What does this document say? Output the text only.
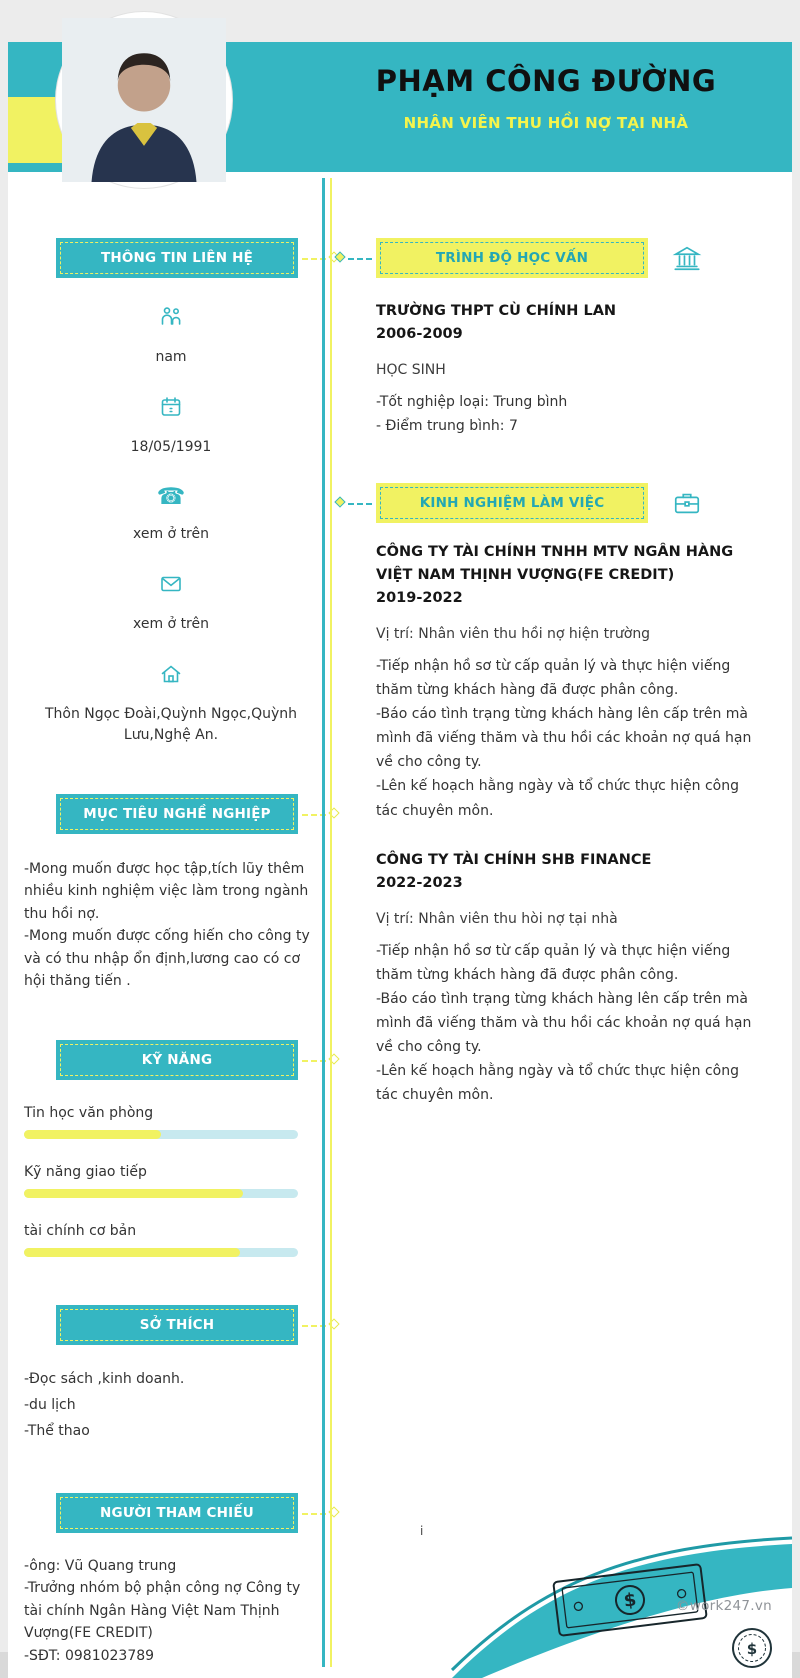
PHẠM CÔNG ĐƯỜNG
NHÂN VIÊN THU HỒI NỢ TẠI NHÀ
THÔNG TIN LIÊN HỆ
nam
18/05/1991
☎
xem ở trên
xem ở trên
Thôn Ngọc Đoài,Quỳnh Ngọc,Quỳnh Lưu,Nghệ An.
MỤC TIÊU NGHỀ NGHIỆP
-Mong muốn được học tập,tích lũy thêm nhiều kinh nghiệm việc làm trong ngành thu hồi nợ.
-Mong muốn được cống hiến cho công ty và có thu nhập ổn định,lương cao có cơ hội thăng tiến .
KỸ NĂNG
Tin học văn phòng
Kỹ năng giao tiếp
tài chính cơ bản
SỞ THÍCH
-Đọc sách ,kinh doanh.
-du lịch
-Thể thao
NGƯỜI THAM CHIẾU
-ông: Vũ Quang trung
-Trưởng nhóm bộ phận công nợ Công ty tài chính Ngân Hàng Việt Nam Thịnh Vượng(FE CREDIT)
-SĐT: 0981023789
TRÌNH ĐỘ HỌC VẤN
TRƯỜNG THPT CÙ CHÍNH LAN
2006-2009
HỌC SINH
-Tốt nghiệp loại: Trung bình
- Điểm trung bình: 7
KINH NGHIỆM LÀM VIỆC
CÔNG TY TÀI CHÍNH TNHH MTV NGÂN HÀNG VIỆT NAM THỊNH VƯỢNG(FE CREDIT)
2019-2022
Vị trí: Nhân viên thu hồi nợ hiện trường
-Tiếp nhận hồ sơ từ cấp quản lý và thực hiện viếng thăm từng khách hàng đã được phân công.
-Báo cáo tình trạng từng khách hàng lên cấp trên mà mình đã viếng thăm và thu hồi các khoản nợ quá hạn về cho công ty.
-Lên kế hoạch hằng ngày và tổ chức thực hiện công tác chuyên môn.
CÔNG TY TÀI CHÍNH SHB FINANCE
2022-2023
Vị trí: Nhân viên thu hòi nợ tại nhà
-Tiếp nhận hồ sơ từ cấp quản lý và thực hiện viếng thăm từng khách hàng đã được phân công.
-Báo cáo tình trạng từng khách hàng lên cấp trên mà mình đã viếng thăm và thu hồi các khoản nợ quá hạn về cho công ty.
-Lên kế hoạch hằng ngày và tổ chức thực hiện công tác chuyên môn.
i
$
$
©work247.vn
